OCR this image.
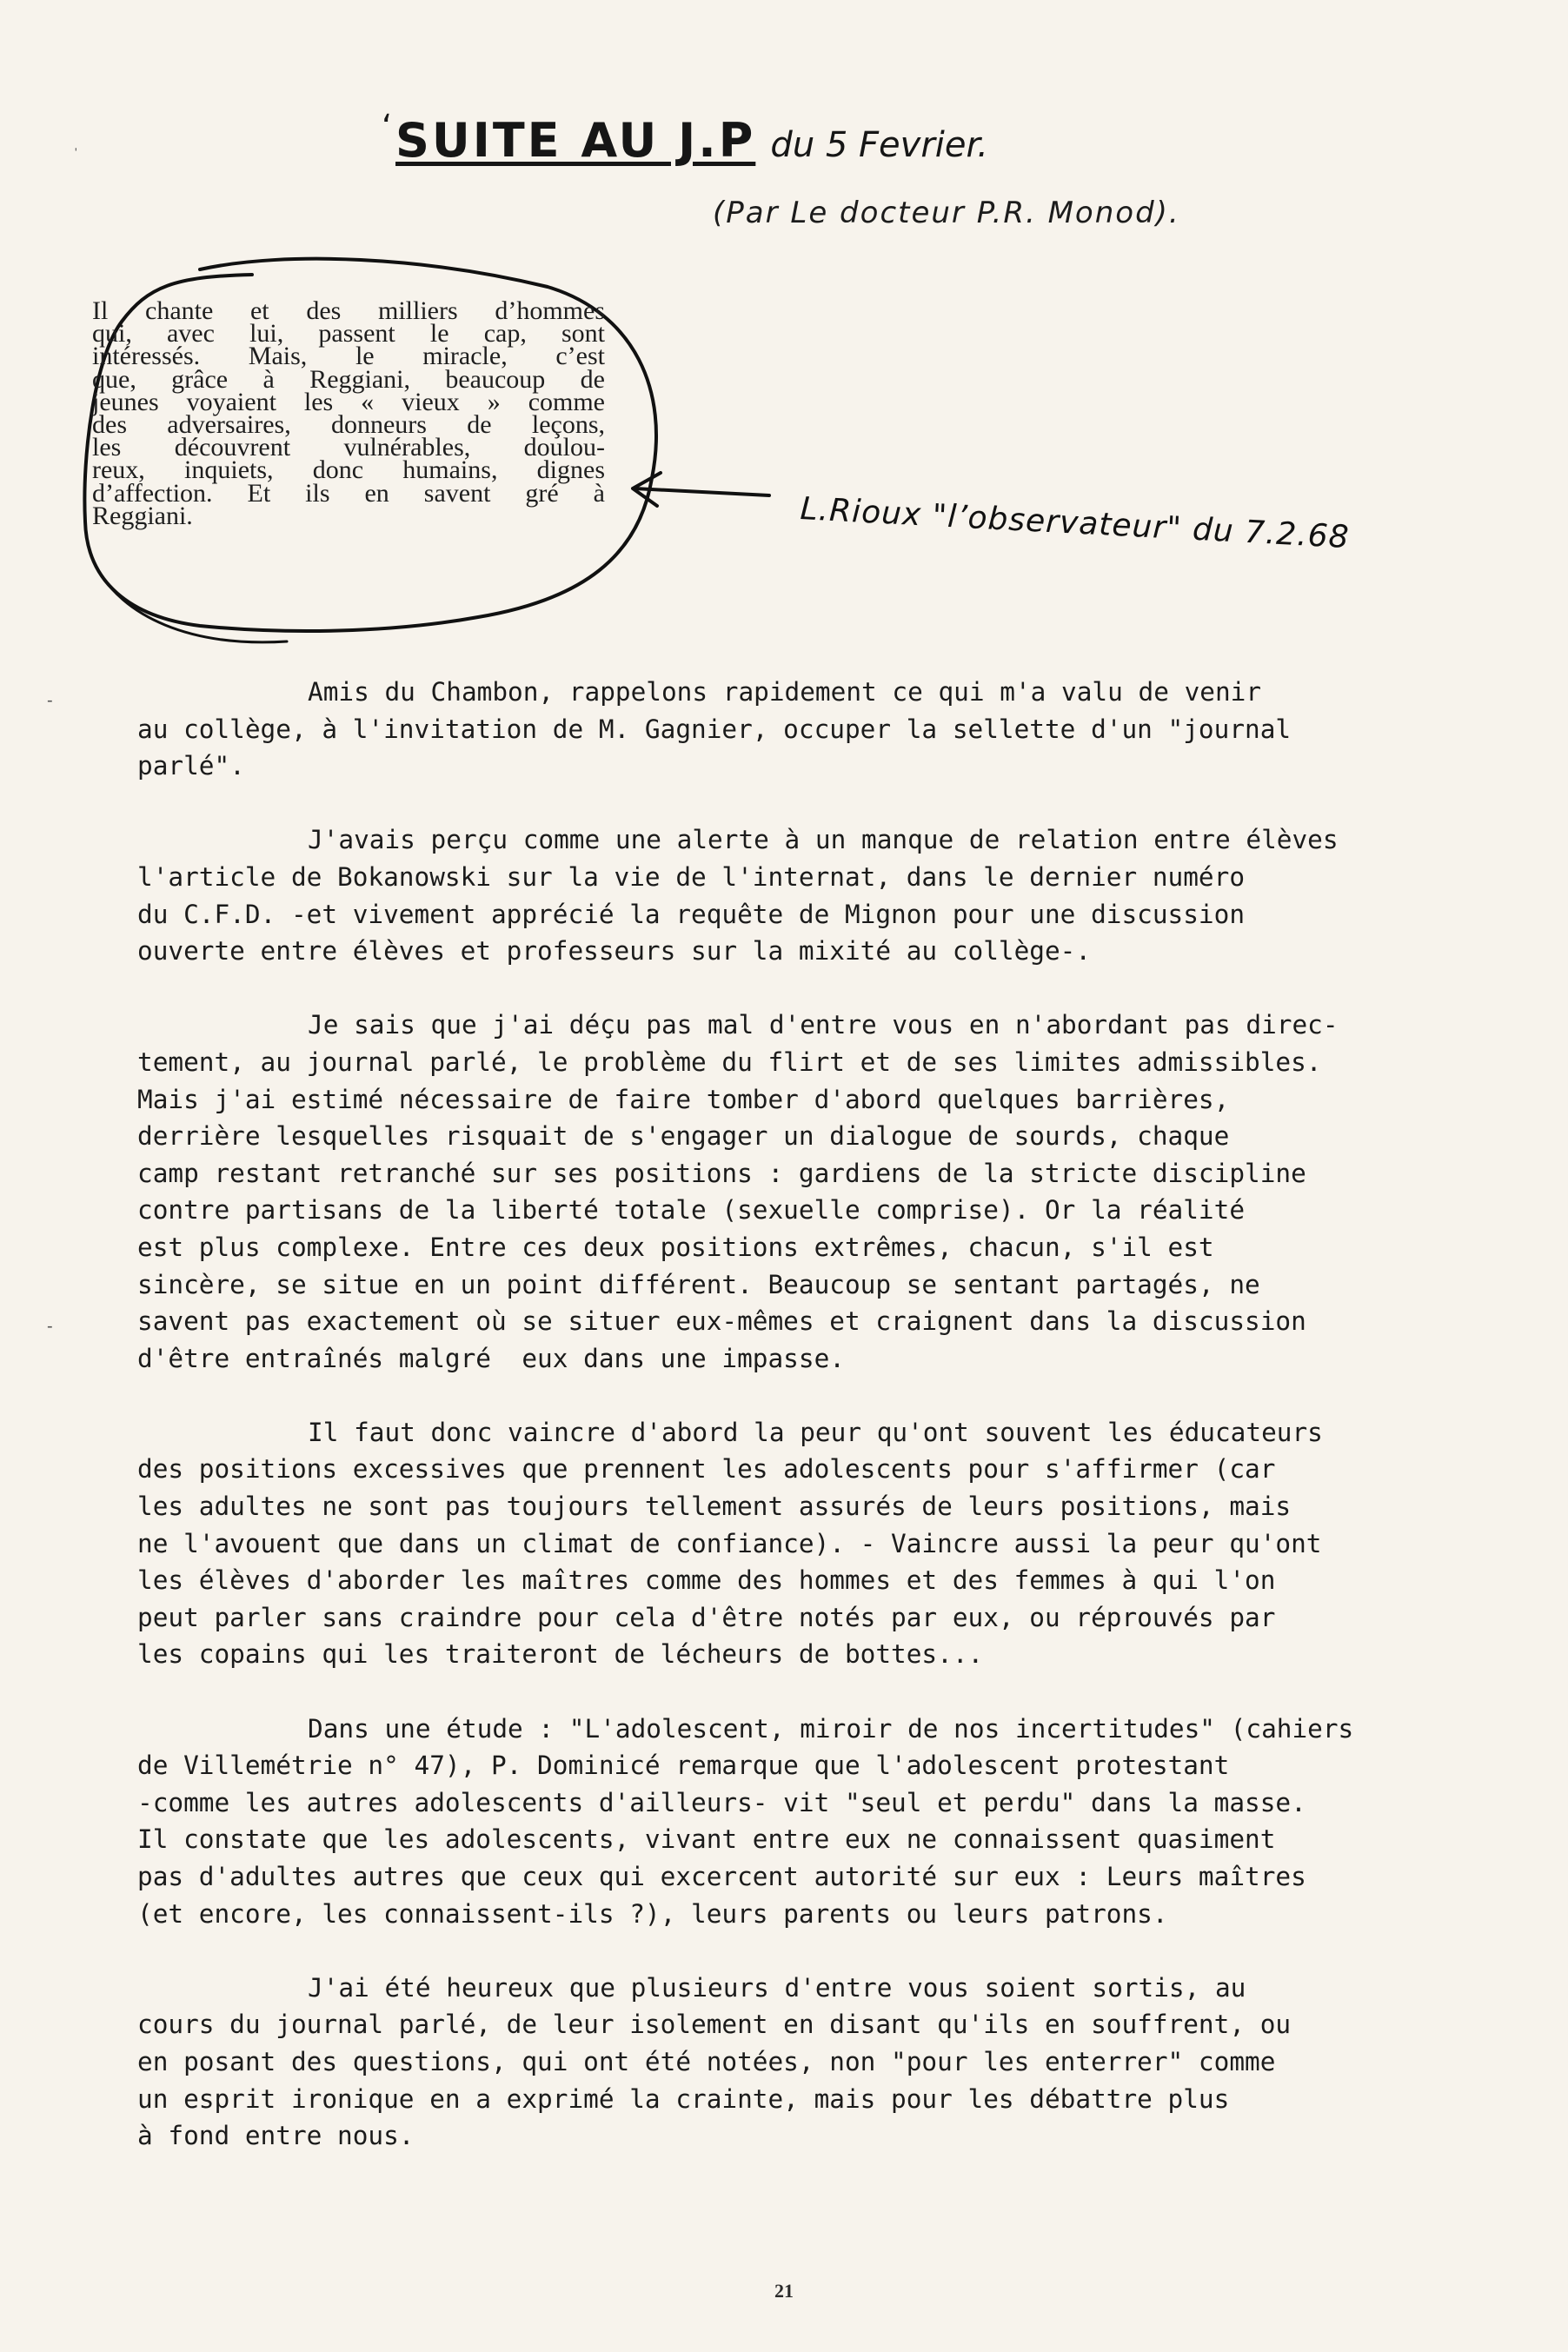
ʻ SUITE AU J.P du 5 Fevrier.
(Par Le docteur P.R. Monod).
Il chante et des milliers d’hommes
qui, avec lui, passent le cap, sont
intéressés. Mais, le miracle, c’est
que, grâce à Reggiani, beaucoup de
jeunes voyaient les « vieux » comme
des adversaires, donneurs de leçons,
les découvrent vulnérables, doulou-
reux, inquiets, donc humains, dignes
d’affection. Et ils en savent gré à
Reggiani.	L.Rioux "l’observateur" du 7.2.68
Amis du Chambon, rappelons rapidement ce qui m'a valu de venir
au collège, à l'invitation de M. Gagnier, occuper la sellette d'un "journal
parlé".
J'avais perçu comme une alerte à un manque de relation entre élèves
l'article de Bokanowski sur la vie de l'internat, dans le dernier numéro
du C.F.D. -et vivement apprécié la requête de Mignon pour une discussion
ouverte entre élèves et professeurs sur la mixité au collège-.
Je sais que j'ai déçu pas mal d'entre vous en n'abordant pas direc-
tement, au journal parlé, le problème du flirt et de ses limites admissibles.
Mais j'ai estimé nécessaire de faire tomber d'abord quelques barrières,
derrière lesquelles risquait de s'engager un dialogue de sourds, chaque
camp restant retranché sur ses positions : gardiens de la stricte discipline
contre partisans de la liberté totale (sexuelle comprise). Or la réalité
est plus complexe. Entre ces deux positions extrêmes, chacun, s'il est
sincère, se situe en un point différent. Beaucoup se sentant partagés, ne
savent pas exactement où se situer eux-mêmes et craignent dans la discussion
d'être entraînés malgré  eux dans une impasse.
Il faut donc vaincre d'abord la peur qu'ont souvent les éducateurs
des positions excessives que prennent les adolescents pour s'affirmer (car
les adultes ne sont pas toujours tellement assurés de leurs positions, mais
ne l'avouent que dans un climat de confiance). - Vaincre aussi la peur qu'ont
les élèves d'aborder les maîtres comme des hommes et des femmes à qui l'on
peut parler sans craindre pour cela d'être notés par eux, ou réprouvés par
les copains qui les traiteront de lécheurs de bottes...
Dans une étude : "L'adolescent, miroir de nos incertitudes" (cahiers
de Villemétrie n° 47), P. Dominicé remarque que l'adolescent protestant
-comme les autres adolescents d'ailleurs- vit "seul et perdu" dans la masse.
Il constate que les adolescents, vivant entre eux ne connaissent quasiment
pas d'adultes autres que ceux qui excercent autorité sur eux : Leurs maîtres
(et encore, les connaissent-ils ?), leurs parents ou leurs patrons.
J'ai été heureux que plusieurs d'entre vous soient sortis, au
cours du journal parlé, de leur isolement en disant qu'ils en souffrent, ou
en posant des questions, qui ont été notées, non "pour les enterrer" comme
un esprit ironique en a exprimé la crainte, mais pour les débattre plus
à fond entre nous.
ˈ
-
-
21
